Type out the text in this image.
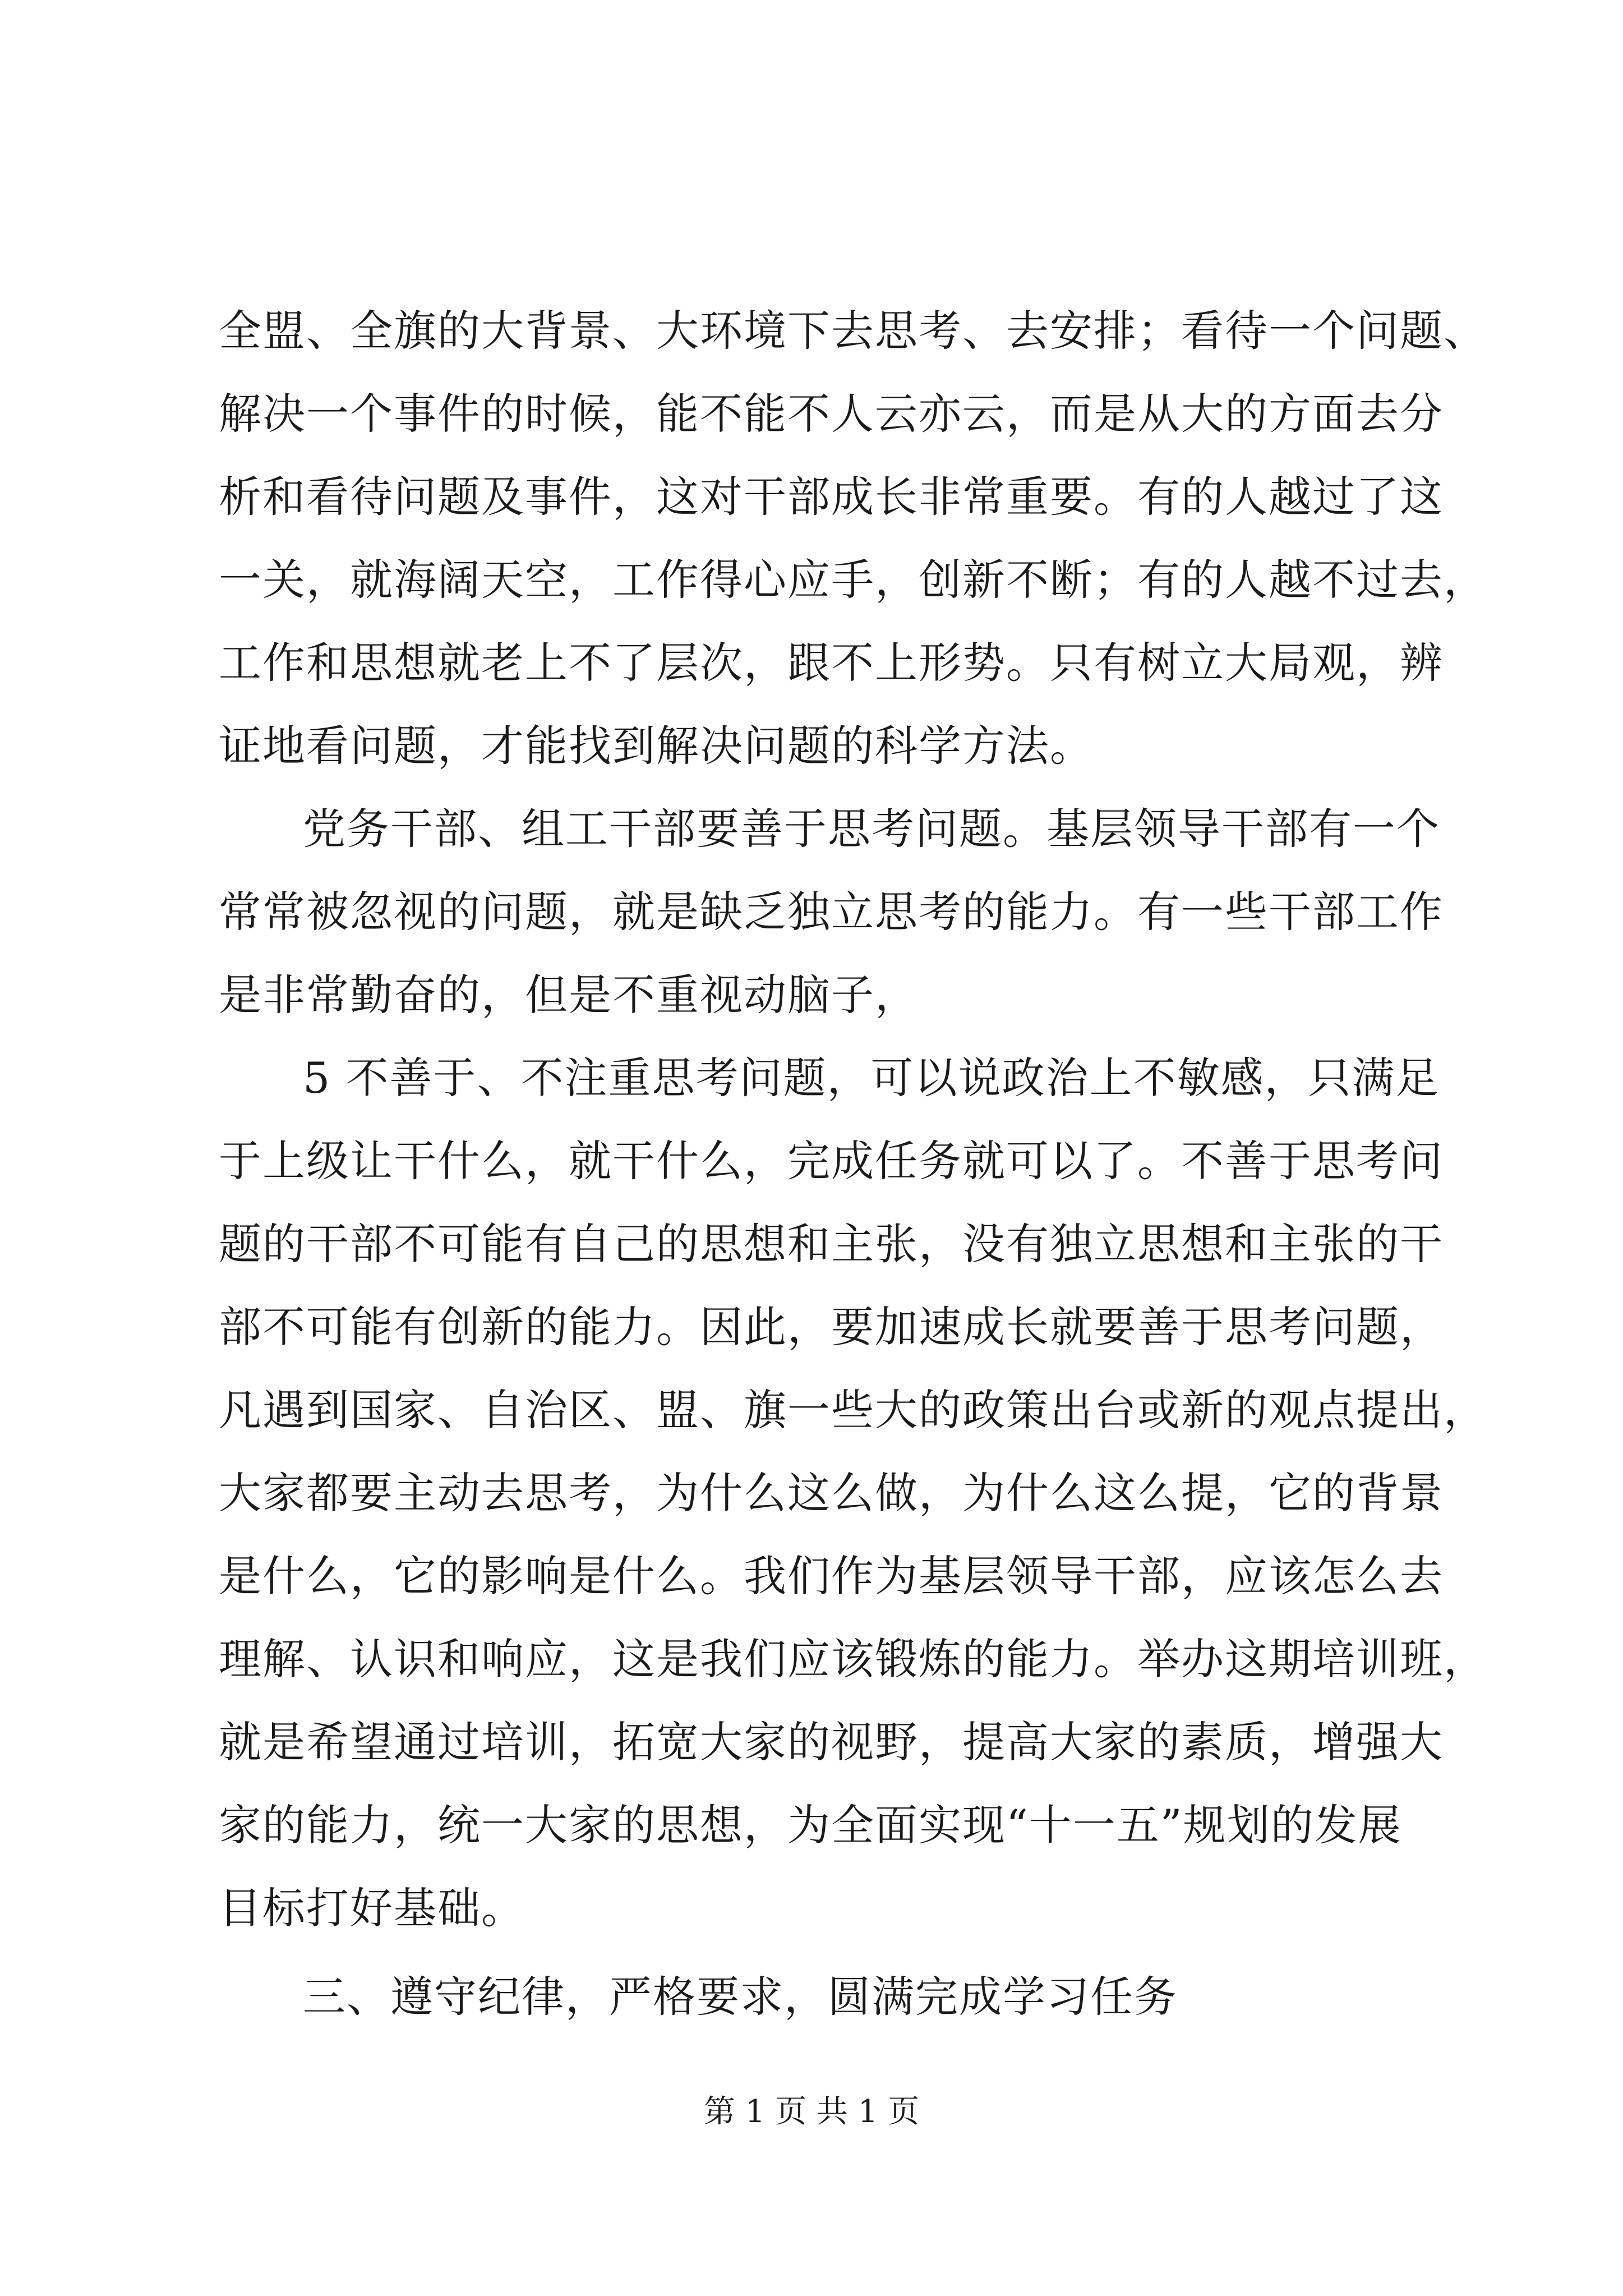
全盟、全旗的大背景、大环境下去思考、去安排；看待一个问题、
解决一个事件的时候，能不能不人云亦云，而是从大的方面去分
析和看待问题及事件，这对干部成长非常重要。有的人越过了这
一关，就海阔天空，工作得心应手，创新不断；有的人越不过去，
工作和思想就老上不了层次，跟不上形势。只有树立大局观，辨
证地看问题，才能找到解决问题的科学方法。
党务干部、组工干部要善于思考问题。基层领导干部有一个
常常被忽视的问题，就是缺乏独立思考的能力。有一些干部工作
是非常勤奋的，但是不重视动脑子，
5 不善于、不注重思考问题，可以说政治上不敏感，只满足
于上级让干什么，就干什么，完成任务就可以了。不善于思考问
题的干部不可能有自己的思想和主张，没有独立思想和主张的干
部不可能有创新的能力。因此，要加速成长就要善于思考问题，
凡遇到国家、自治区、盟、旗一些大的政策出台或新的观点提出，
大家都要主动去思考，为什么这么做，为什么这么提，它的背景
是什么，它的影响是什么。我们作为基层领导干部，应该怎么去
理解、认识和响应，这是我们应该锻炼的能力。举办这期培训班，
就是希望通过培训，拓宽大家的视野，提高大家的素质，增强大
家的能力，统一大家的思想，为全面实现“十一五”规划的发展
目标打好基础。
三、遵守纪律，严格要求，圆满完成学习任务
第 1 页 共 1 页
